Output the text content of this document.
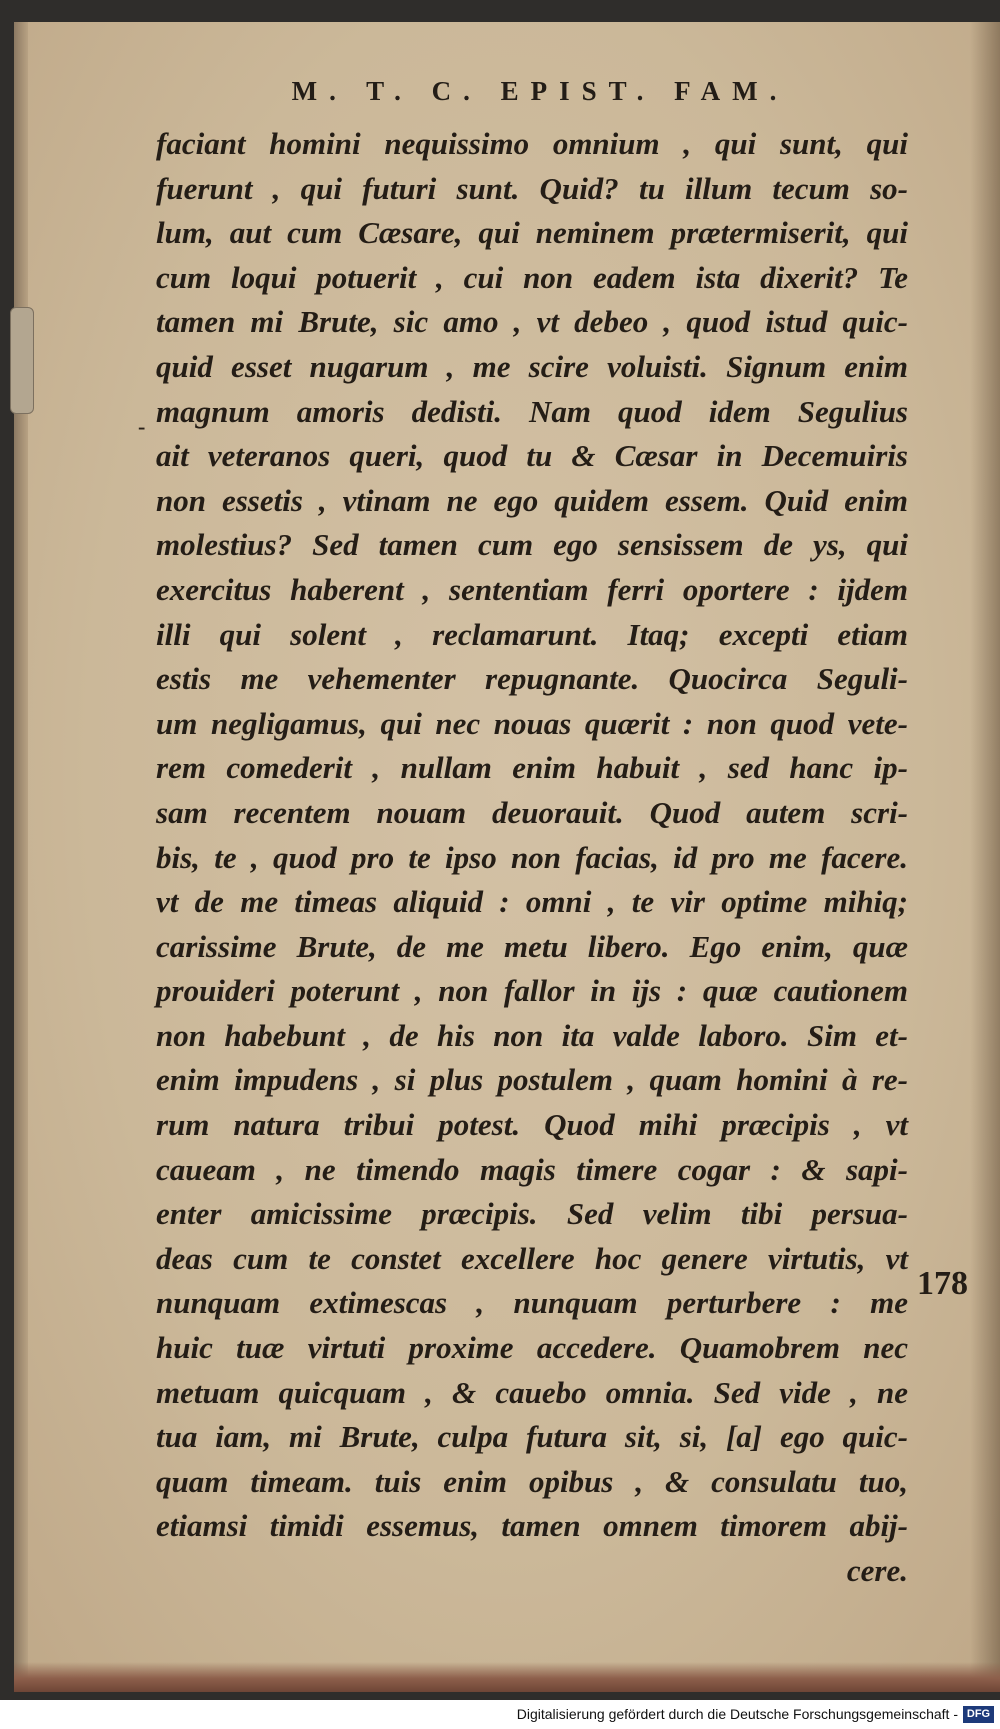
M. T. C. EPIST. FAM.
-
faciant homini nequissimo omnium , qui sunt, qui
fuerunt , qui futuri sunt. Quid? tu illum tecum so-
lum, aut cum Cæsare, qui neminem prætermiserit, qui
cum loqui potuerit , cui non eadem ista dixerit? Te
tamen mi Brute, sic amo , vt debeo , quod istud quic-
quid esset nugarum , me scire voluisti. Signum enim
magnum amoris dedisti. Nam quod idem Segulius
ait veteranos queri, quod tu & Cæsar in Decemuiris
non essetis , vtinam ne ego quidem essem. Quid enim
molestius? Sed tamen cum ego sensissem de ys, qui
exercitus haberent , sententiam ferri oportere : ijdem
illi qui solent , reclamarunt. Itaq; excepti etiam
estis me vehementer repugnante. Quocirca Seguli-
um negligamus, qui nec nouas quærit : non quod vete-
rem comederit , nullam enim habuit , sed hanc ip-
sam recentem nouam deuorauit. Quod autem scri-
bis, te , quod pro te ipso non facias, id pro me facere.
vt de me timeas aliquid : omni , te vir optime mihiq;
carissime Brute, de me metu libero. Ego enim, quæ
prouideri poterunt , non fallor in ijs : quæ cautionem
non habebunt , de his non ita valde laboro. Sim et-
enim impudens , si plus postulem , quam homini à re-
rum natura tribui potest. Quod mihi præcipis , vt
caueam , ne timendo magis timere cogar : & sapi-
enter amicissime præcipis. Sed velim tibi persua-
deas cum te constet excellere hoc genere virtutis, vt
nunquam extimescas , nunquam perturbere : me
huic tuæ virtuti proxime accedere. Quamobrem nec
metuam quicquam , & cauebo omnia. Sed vide , ne
tua iam, mi Brute, culpa futura sit, si, [a] ego quic-
quam timeam. tuis enim opibus , & consulatu tuo,
etiamsi timidi essemus, tamen omnem timorem abij-
cere.
178
Digitalisierung gefördert durch die Deutsche Forschungsgemeinschaft - DFG
